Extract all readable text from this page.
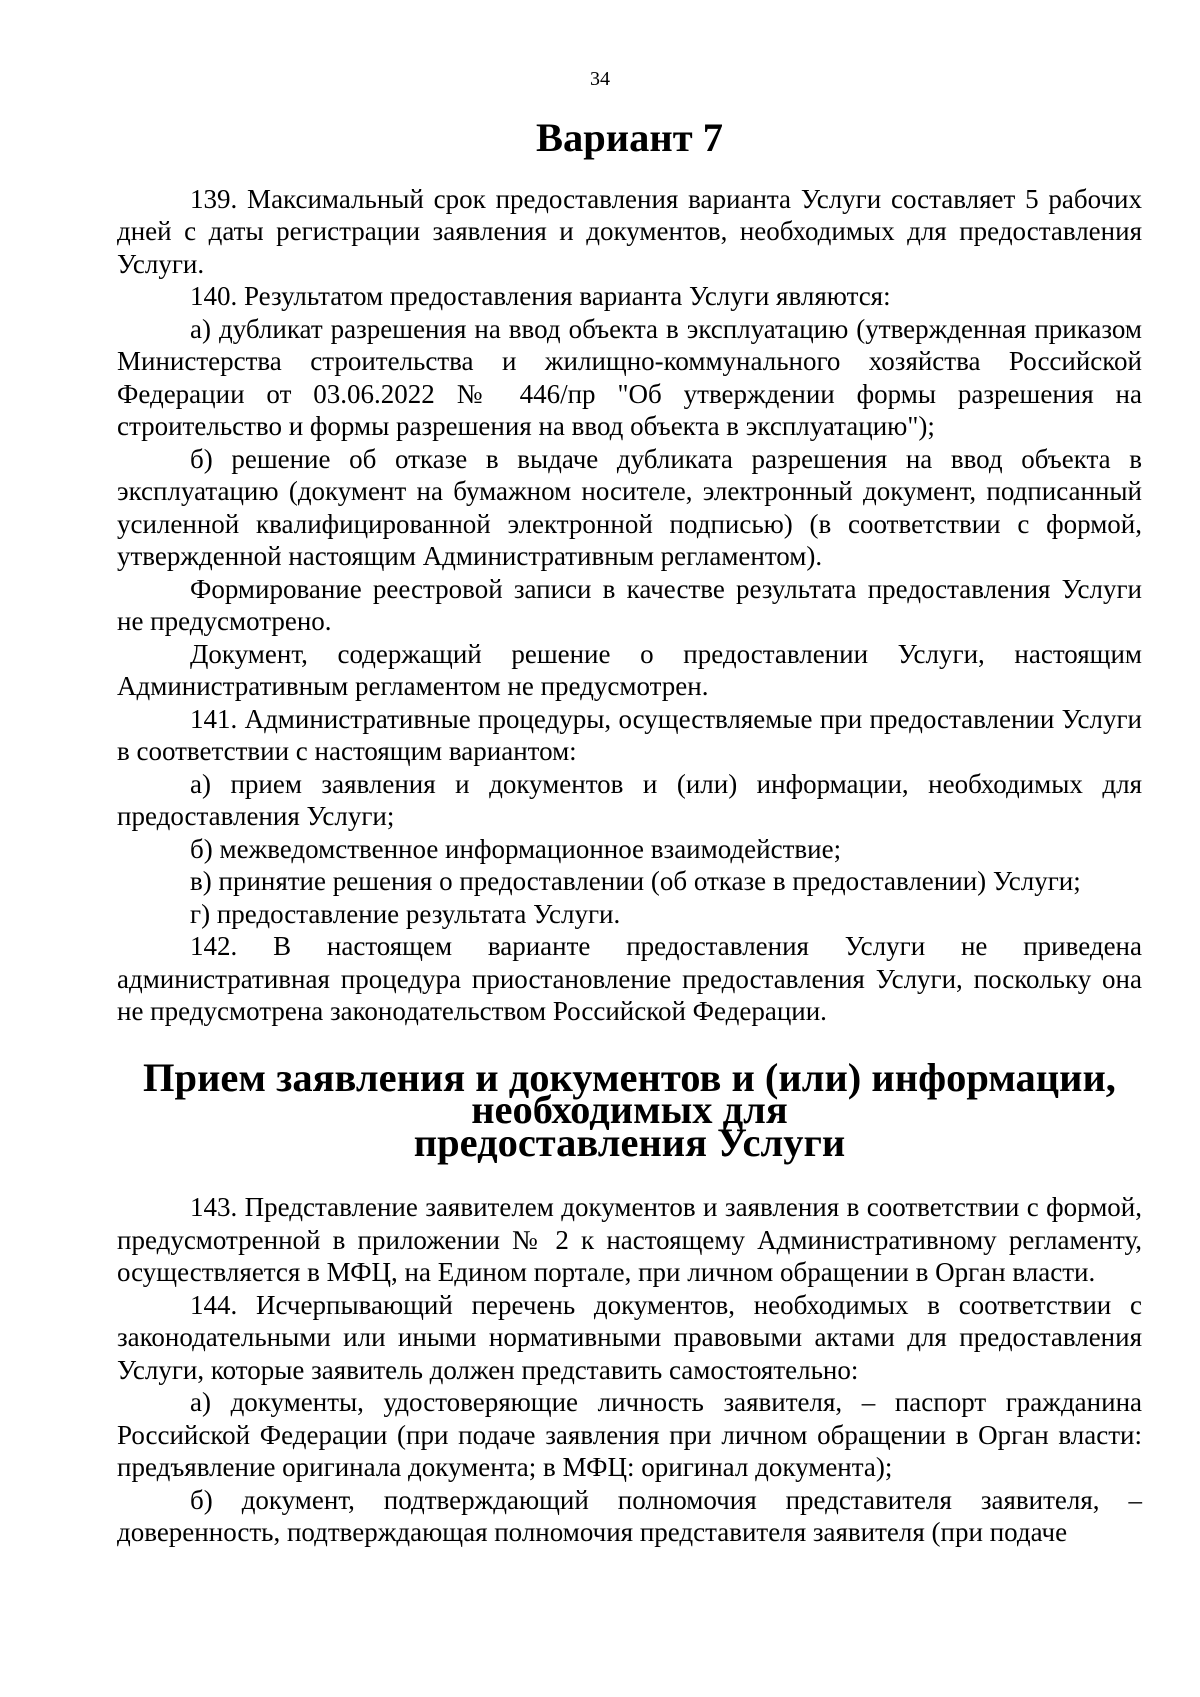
34
Вариант 7

139. Максимальный срок предоставления варианта Услуги составляет 5 рабочих дней с даты регистрации заявления и документов, необходимых для предоставления Услуги.

140. Результатом предоставления варианта Услуги являются:

а) дубликат разрешения на ввод объекта в эксплуатацию (утвержденная приказом Министерства строительства и жилищно-коммунального хозяйства Российской Федерации от 03.06.2022 № 446/пр "Об утверждении формы разрешения на строительство и формы разрешения на ввод объекта в эксплуатацию");

б) решение об отказе в выдаче дубликата разрешения на ввод объекта в эксплуатацию (документ на бумажном носителе, электронный документ, подписанный усиленной квалифицированной электронной подписью) (в соответствии с формой, утвержденной настоящим Административным регламентом).

Формирование реестровой записи в качестве результата предоставления Услуги не предусмотрено.

Документ, содержащий решение о предоставлении Услуги, настоящим Административным регламентом не предусмотрен.

141. Административные процедуры, осуществляемые при предоставлении Услуги в соответствии с настоящим вариантом:

а) прием заявления и документов и (или) информации, необходимых для предоставления Услуги;

б) межведомственное информационное взаимодействие;

в) принятие решения о предоставлении (об отказе в предоставлении) Услуги;

г) предоставление результата Услуги.

142. В настоящем варианте предоставления Услуги не приведена административная процедура приостановление предоставления Услуги, поскольку она не предусмотрена законодательством Российской Федерации.

Прием заявления и документов и (или) информации, необходимых для
предоставления Услуги

143. Представление заявителем документов и заявления в соответствии с формой, предусмотренной в приложении № 2 к настоящему Административному регламенту, осуществляется в МФЦ, на Едином портале, при личном обращении в Орган власти.

144. Исчерпывающий перечень документов, необходимых в соответствии с законодательными или иными нормативными правовыми актами для предоставления Услуги, которые заявитель должен представить самостоятельно:

а) документы, удостоверяющие личность заявителя, – паспорт гражданина Российской Федерации (при подаче заявления при личном обращении в Орган власти: предъявление оригинала документа; в МФЦ: оригинал документа);

б) документ, подтверждающий полномочия представителя заявителя, – доверенность, подтверждающая полномочия представителя заявителя (при подаче
